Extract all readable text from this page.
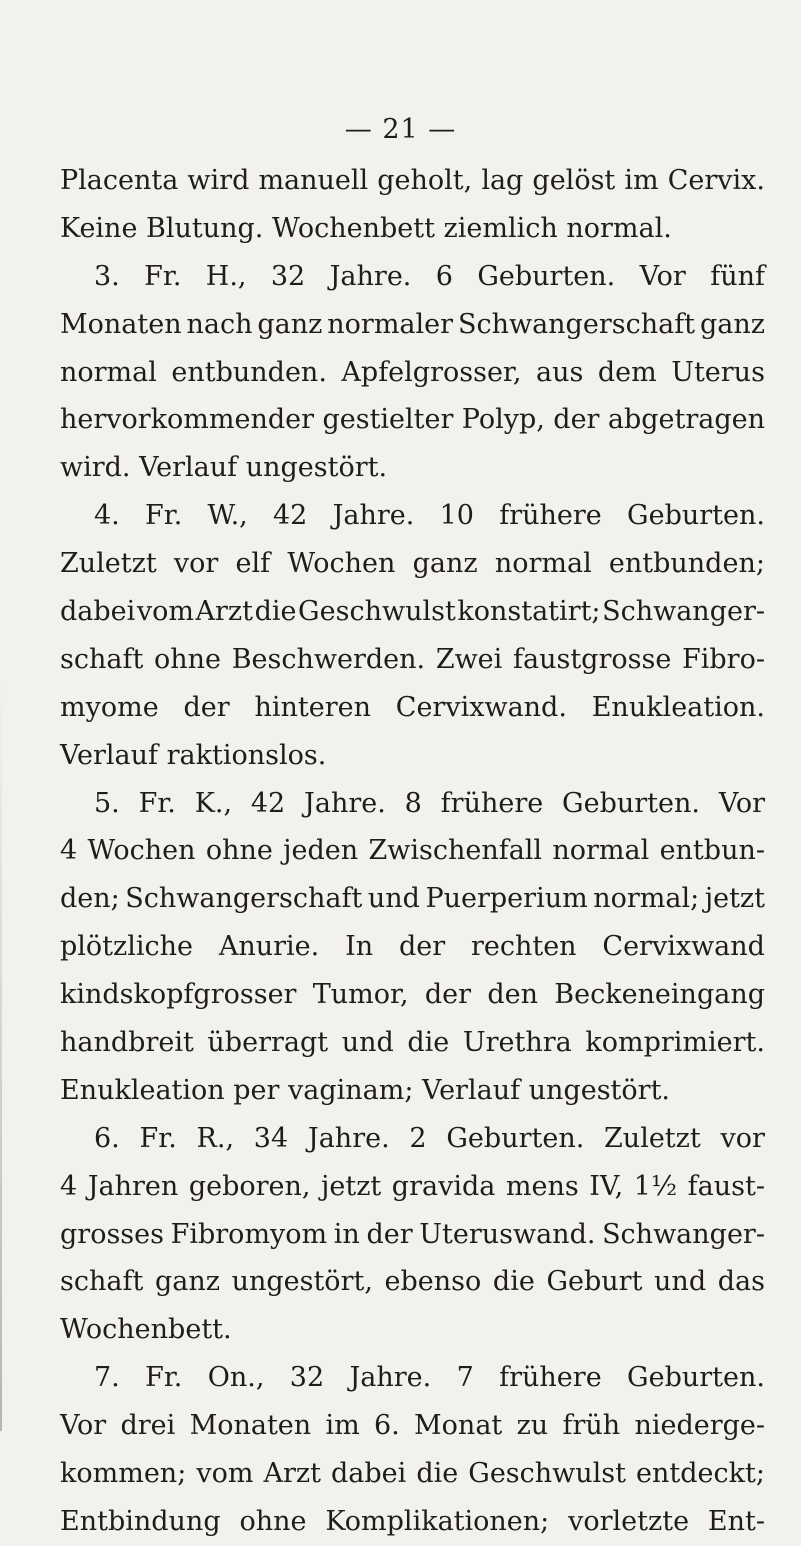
— 21 —
Placenta wird manuell geholt, lag gelöst im Cervix.
Keine Blutung. Wochenbett ziemlich normal.
3. Fr. H., 32 Jahre. 6 Geburten. Vor fünf
Monaten nach ganz normaler Schwangerschaft ganz
normal entbunden. Apfelgrosser, aus dem Uterus
hervorkommender gestielter Polyp, der abgetragen
wird. Verlauf ungestört.
4. Fr. W., 42 Jahre. 10 frühere Geburten.
Zuletzt vor elf Wochen ganz normal entbunden;
dabei vom Arzt die Geschwulst konstatirt; Schwanger-
schaft ohne Beschwerden. Zwei faustgrosse Fibro-
myome der hinteren Cervixwand. Enukleation.
Verlauf raktionslos.
5. Fr. K., 42 Jahre. 8 frühere Geburten. Vor
4 Wochen ohne jeden Zwischenfall normal entbun-
den; Schwangerschaft und Puerperium normal; jetzt
plötzliche Anurie. In der rechten Cervixwand
kindskopfgrosser Tumor, der den Beckeneingang
handbreit überragt und die Urethra komprimiert.
Enukleation per vaginam; Verlauf ungestört.
6. Fr. R., 34 Jahre. 2 Geburten. Zuletzt vor
4 Jahren geboren, jetzt gravida mens IV, 1½ faust-
grosses Fibromyom in der Uteruswand. Schwanger-
schaft ganz ungestört, ebenso die Geburt und das
Wochenbett.
7. Fr. On., 32 Jahre. 7 frühere Geburten.
Vor drei Monaten im 6. Monat zu früh niederge-
kommen; vom Arzt dabei die Geschwulst entdeckt;
Entbindung ohne Komplikationen; vorletzte Ent-
